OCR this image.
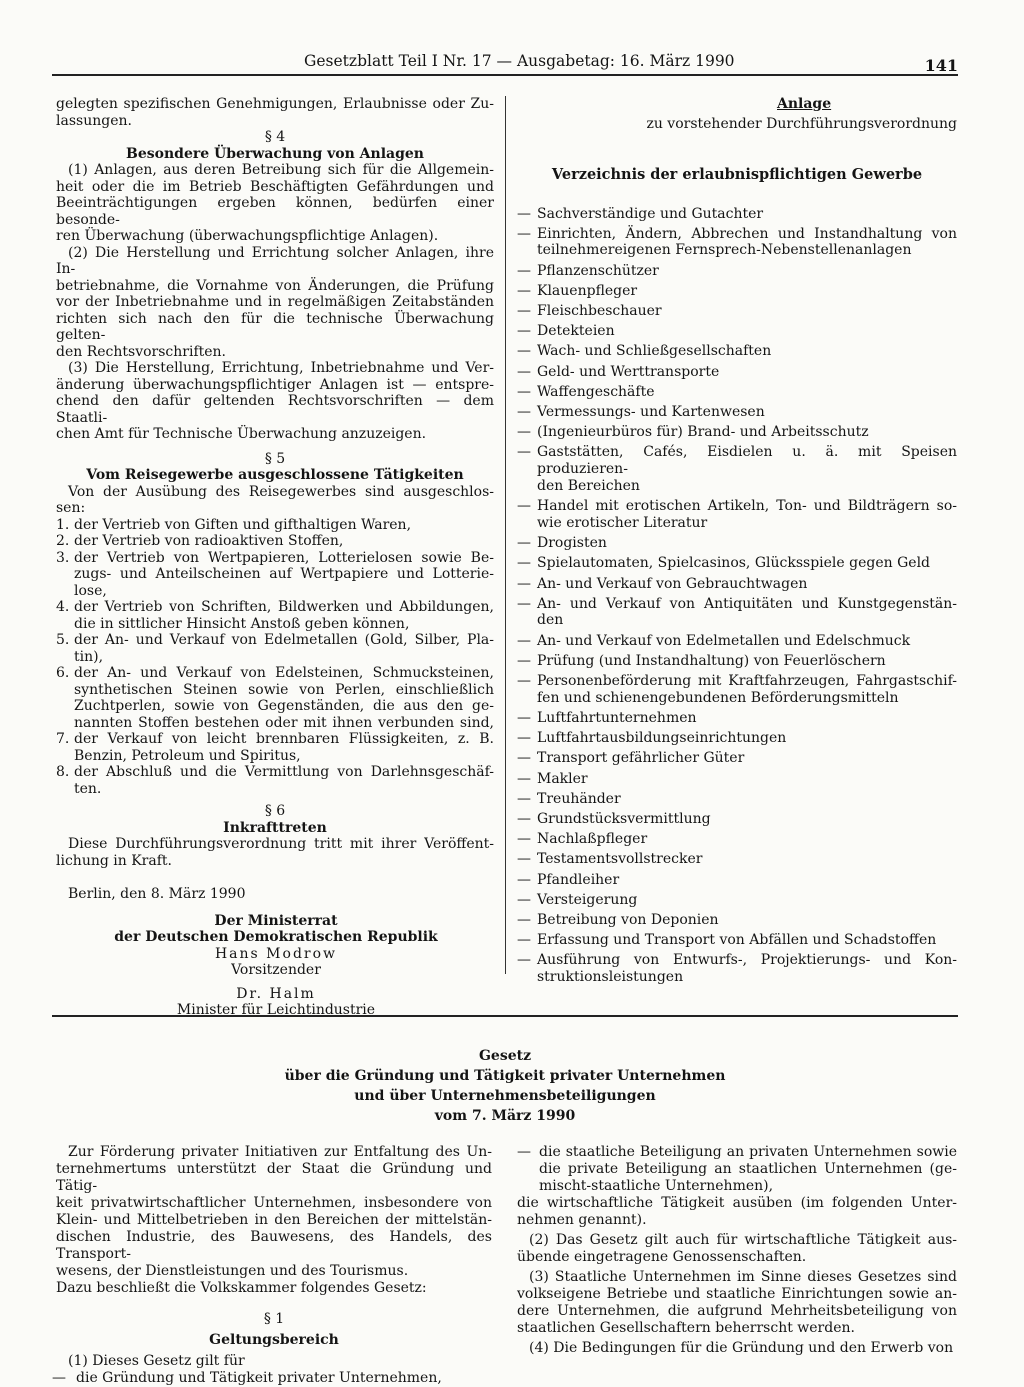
Gesetzblatt Teil I Nr. 17 — Ausgabetag: 16. März 1990	141

gelegten spezifischen Genehmigungen, Erlaubnisse oder Zu-

lassungen.

§ 4

Besondere Überwachung von Anlagen

(1) Anlagen, aus deren Betreibung sich für die Allgemein-

heit oder die im Betrieb Beschäftigten Gefährdungen und

Beeinträchtigungen ergeben können, bedürfen einer besonde-

ren Überwachung (überwachungspflichtige Anlagen).

(2) Die Herstellung und Errichtung solcher Anlagen, ihre In-

betriebnahme, die Vornahme von Änderungen, die Prüfung

vor der Inbetriebnahme und in regelmäßigen Zeitabständen

richten sich nach den für die technische Überwachung gelten-

den Rechtsvorschriften.

(3) Die Herstellung, Errichtung, Inbetriebnahme und Ver-

änderung überwachungspflichtiger Anlagen ist — entspre-

chend den dafür geltenden Rechtsvorschriften — dem Staatli-

chen Amt für Technische Überwachung anzuzeigen.

§ 5

Vom Reisegewerbe ausgeschlossene Tätigkeiten

Von der Ausübung des Reisegewerbes sind ausgeschlos-

sen:

1. der Vertrieb von Giften und gifthaltigen Waren,

2. der Vertrieb von radioaktiven Stoffen,

3. der Vertrieb von Wertpapieren, Lotterielosen sowie Be-

zugs- und Anteilscheinen auf Wertpapiere und Lotterie-

lose,

4. der Vertrieb von Schriften, Bildwerken und Abbildungen,

die in sittlicher Hinsicht Anstoß geben können,

5. der An- und Verkauf von Edelmetallen (Gold, Silber, Pla-

tin),

6. der An- und Verkauf von Edelsteinen, Schmucksteinen,

synthetischen Steinen sowie von Perlen, einschließlich

Zuchtperlen, sowie von Gegenständen, die aus den ge-

nannten Stoffen bestehen oder mit ihnen verbunden sind,

7. der Verkauf von leicht brennbaren Flüssigkeiten, z. B.

Benzin, Petroleum und Spiritus,

8. der Abschluß und die Vermittlung von Darlehnsgeschäf-

ten.

§ 6

Inkrafttreten

Diese Durchführungsverordnung tritt mit ihrer Veröffent-

lichung in Kraft.

Berlin, den 8. März 1990

Der Ministerrat

der Deutschen Demokratischen Republik

Hans Modrow

Vorsitzender

Dr. Halm

Minister für Leichtindustrie

Anlage

zu vorstehender Durchführungsverordnung

Verzeichnis der erlaubnispflichtigen Gewerbe

— Sachverständige und Gutachter

— Einrichten, Ändern, Abbrechen und Instandhaltung von

teilnehmereigenen Fernsprech-Nebenstellenanlagen

— Pflanzenschützer

— Klauenpfleger

— Fleischbeschauer

— Detekteien

— Wach- und Schließgesellschaften

— Geld- und Werttransporte

— Waffengeschäfte

— Vermessungs- und Kartenwesen

— (Ingenieurbüros für) Brand- und Arbeitsschutz

— Gaststätten, Cafés, Eisdielen u. ä. mit Speisen produzieren-

den Bereichen

— Handel mit erotischen Artikeln, Ton- und Bildträgern so-

wie erotischer Literatur

— Drogisten

— Spielautomaten, Spielcasinos, Glücksspiele gegen Geld

— An- und Verkauf von Gebrauchtwagen

— An- und Verkauf von Antiquitäten und Kunstgegenstän-

den

— An- und Verkauf von Edelmetallen und Edelschmuck

— Prüfung (und Instandhaltung) von Feuerlöschern

— Personenbeförderung mit Kraftfahrzeugen, Fahrgastschif-

fen und schienengebundenen Beförderungsmitteln

— Luftfahrtunternehmen

— Luftfahrtausbildungseinrichtungen

— Transport gefährlicher Güter

— Makler

— Treuhänder

— Grundstücksvermittlung

— Nachlaßpfleger

— Testamentsvollstrecker

— Pfandleiher

— Versteigerung

— Betreibung von Deponien

— Erfassung und Transport von Abfällen und Schadstoffen

— Ausführung von Entwurfs-, Projektierungs- und Kon-

struktionsleistungen

Gesetz

über die Gründung und Tätigkeit privater Unternehmen

und über Unternehmensbeteiligungen

vom 7. März 1990

Zur Förderung privater Initiativen zur Entfaltung des Un-

ternehmertums unterstützt der Staat die Gründung und Tätig-

keit privatwirtschaftlicher Unternehmen, insbesondere von

Klein- und Mittelbetrieben in den Bereichen der mittelstän-

dischen Industrie, des Bauwesens, des Handels, des Transport-

wesens, der Dienstleistungen und des Tourismus.

Dazu beschließt die Volkskammer folgendes Gesetz:

§ 1

Geltungsbereich

(1) Dieses Gesetz gilt für

— die Gründung und Tätigkeit privater Unternehmen,

— die staatliche Beteiligung an privaten Unternehmen sowie

die private Beteiligung an staatlichen Unternehmen (ge-

mischt-staatliche Unternehmen),

die wirtschaftliche Tätigkeit ausüben (im folgenden Unter-

nehmen genannt).

(2) Das Gesetz gilt auch für wirtschaftliche Tätigkeit aus-

übende eingetragene Genossenschaften.

(3) Staatliche Unternehmen im Sinne dieses Gesetzes sind

volkseigene Betriebe und staatliche Einrichtungen sowie an-

dere Unternehmen, die aufgrund Mehrheitsbeteiligung von

staatlichen Gesellschaftern beherrscht werden.

(4) Die Bedingungen für die Gründung und den Erwerb von
